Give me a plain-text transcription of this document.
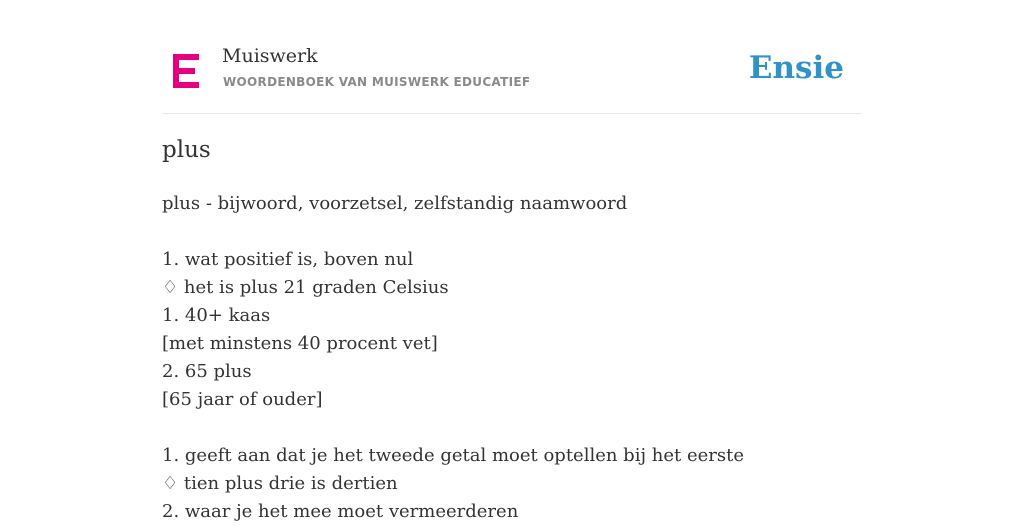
Muiswerk
WOORDENBOEK VAN MUISWERK EDUCATIEF	Ensie
plus
plus - bijwoord, voorzetsel, zelfstandig naamwoord
1. wat positief is, boven nul
♢ het is plus 21 graden Celsius
1. 40+ kaas
[met minstens 40 procent vet]
2. 65 plus
[65 jaar of ouder]
1. geeft aan dat je het tweede getal moet optellen bij het eerste
♢ tien plus drie is dertien
2. waar je het mee moet vermeerderen
